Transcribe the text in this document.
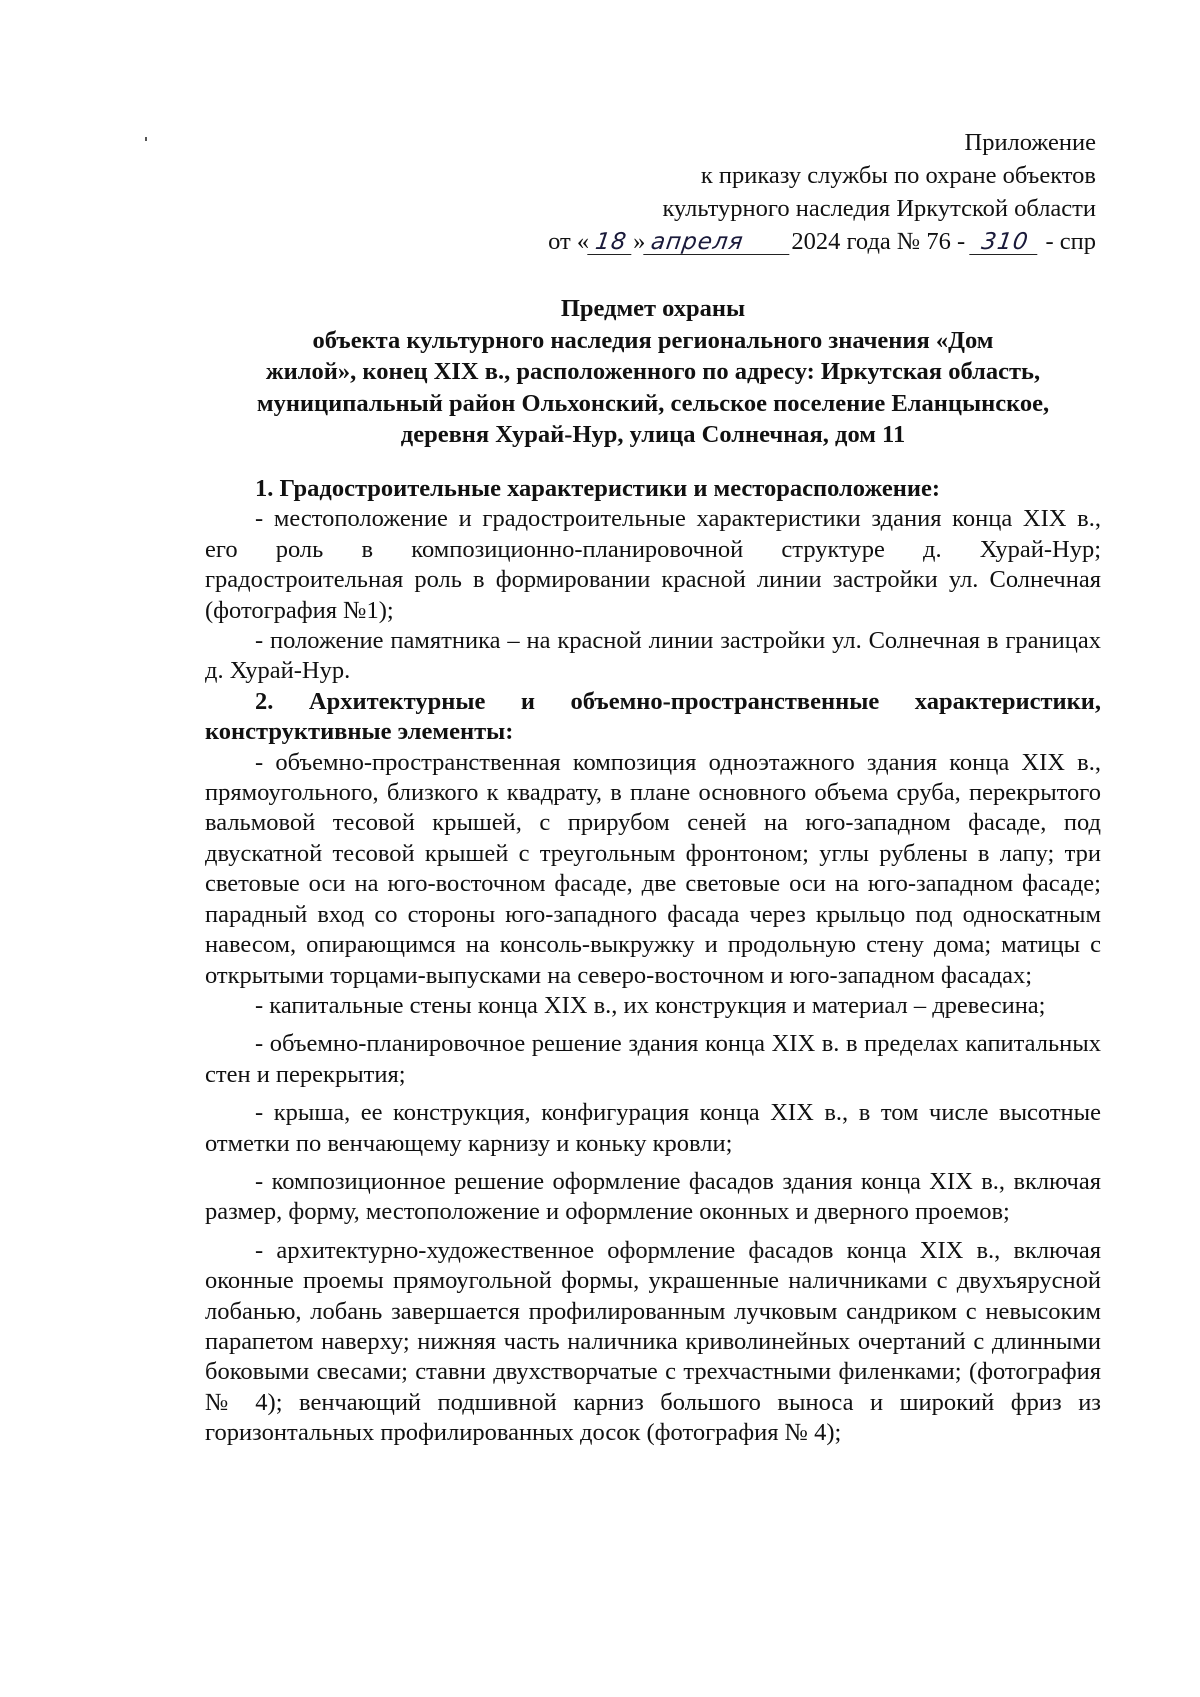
Приложение
к приказу службы по охране объектов
культурного наследия Иркутской области
от « 18 » апреля 2024 года № 76 - 310 - спр
Предмет охраны
объекта культурного наследия регионального значения «Дом
жилой», конец XIX в., расположенного по адресу: Иркутская область,
муниципальный район Ольхонский, сельское поселение Еланцынское,
деревня Хурай-Нур, улица Солнечная, дом 11

1. Градостроительные характеристики и месторасположение:

- местоположение и градостроительные характеристики здания конца XIX в., его роль в композиционно-планировочной структуре д. Хурай-Нур; градостроительная роль в формировании красной линии застройки ул. Солнечная (фотография №1);

- положение памятника – на красной линии застройки ул. Солнечная в границах д. Хурай-Нур.

2. Архитектурные и объемно-пространственные характеристики, конструктивные элементы:

- объемно-пространственная композиция одноэтажного здания конца XIX в., прямоугольного, близкого к квадрату, в плане основного объема сруба, перекрытого вальмовой тесовой крышей, с прирубом сеней на юго-западном фасаде, под двускатной тесовой крышей с треугольным фронтоном; углы рублены в лапу; три световые оси на юго-восточном фасаде, две световые оси на юго-западном фасаде; парадный вход со стороны юго-западного фасада через крыльцо под односкатным навесом, опирающимся на консоль-выкружку и продольную стену дома; матицы с открытыми торцами-выпусками на северо-восточном и юго-западном фасадах;

- капитальные стены конца XIX в., их конструкция и материал – древесина;

- объемно-планировочное решение здания конца XIX в. в пределах капитальных стен и перекрытия;

- крыша, ее конструкция, конфигурация конца XIX в., в том числе высотные отметки по венчающему карнизу и коньку кровли;

- композиционное решение оформление фасадов здания конца XIX в., включая размер, форму, местоположение и оформление оконных и дверного проемов;

- архитектурно-художественное оформление фасадов конца XIX в., включая оконные проемы прямоугольной формы, украшенные наличниками с двухъярусной лобанью, лобань завершается профилированным лучковым сандриком с невысоким парапетом наверху; нижняя часть наличника криволинейных очертаний с длинными боковыми свесами; ставни двухстворчатые с трехчастными филенками; (фотография № 4); венчающий подшивной карниз большого выноса и широкий фриз из горизонтальных профилированных досок (фотография № 4);
